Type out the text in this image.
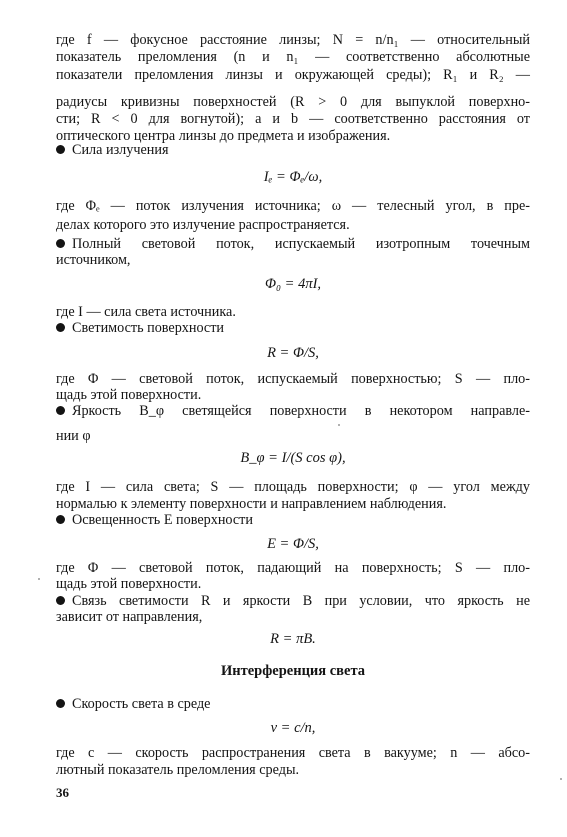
где f — фокусное расстояние линзы; N = n/n₁ — относительный
показатель преломления (n и n₁ — соответственно абсолютные
показатели преломления линзы и окружающей среды); R₁ и R₂ —
радиусы кривизны поверхностей (R > 0 для выпуклой поверхно-
сти; R < 0 для вогнутой); a и b — соответственно расстояния от
оптического центра линзы до предмета и изображения.
Сила излучения
Iₑ = Φₑ/ω,
где Φₑ — поток излучения источника; ω — телесный угол, в пре-
делах которого это излучение распространяется.
Полный световой поток, испускаемый изотропным точечным
источником,
Φ₀ = 4πI,
где I — сила света источника.
Светимость поверхности
R = Φ/S,
где Φ — световой поток, испускаемый поверхностью; S — пло-
щадь этой поверхности.
Яркость B_φ светящейся поверхности в некотором направле-
нии φ
B_φ = I/(S cos φ),
где I — сила света; S — площадь поверхности; φ — угол между
нормалью к элементу поверхности и направлением наблюдения.
Освещенность E поверхности
E = Φ/S,
где Φ — световой поток, падающий на поверхность; S — пло-
щадь этой поверхности.
Связь светимости R и яркости B при условии, что яркость не
зависит от направления,
R = πB.
Интерференция света
Скорость света в среде
v = c/n,
где c — скорость распространения света в вакууме; n — абсо-
лютный показатель преломления среды.
36
